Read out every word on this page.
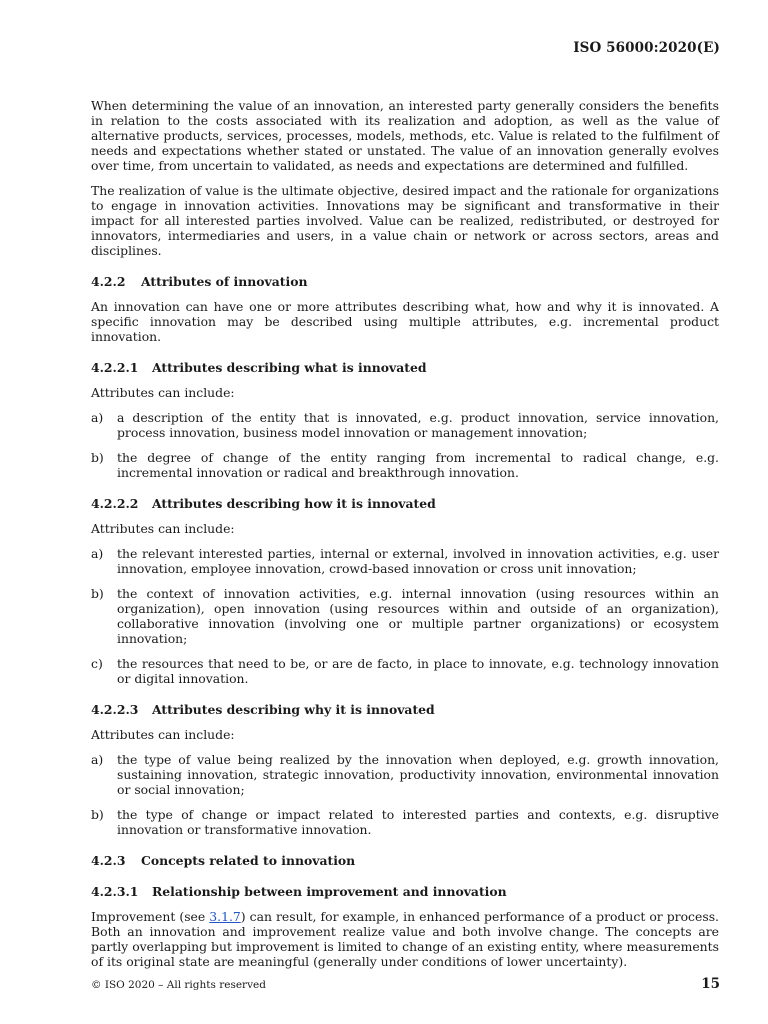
ISO 56000:2020(E)

When determining the value of an innovation, an interested party generally considers the benefits in relation to the costs associated with its realization and adoption, as well as the value of alternative products, services, processes, models, methods, etc. Value is related to the fulfilment of needs and expectations whether stated or unstated. The value of an innovation generally evolves over time, from uncertain to validated, as needs and expectations are determined and fulfilled.

The realization of value is the ultimate objective, desired impact and the rationale for organizations to engage in innovation activities. Innovations may be significant and transformative in their impact for all interested parties involved. Value can be realized, redistributed, or destroyed for innovators, intermediaries and users, in a value chain or network or across sectors, areas and disciplines.

4.2.2 Attributes of innovation

An innovation can have one or more attributes describing what, how and why it is innovated. A specific innovation may be described using multiple attributes, e.g. incremental product innovation.

4.2.2.1 Attributes describing what is innovated

Attributes can include:

a)	a description of the entity that is innovated, e.g. product innovation, service innovation, process innovation, business model innovation or management innovation;
b)	the degree of change of the entity ranging from incremental to radical change, e.g. incremental innovation or radical and breakthrough innovation.
4.2.2.2 Attributes describing how it is innovated

Attributes can include:

a)	the relevant interested parties, internal or external, involved in innovation activities, e.g. user innovation, employee innovation, crowd-based innovation or cross unit innovation;
b)	the context of innovation activities, e.g. internal innovation (using resources within an organization), open innovation (using resources within and outside of an organization), collaborative innovation (involving one or multiple partner organizations) or ecosystem innovation;
c)	the resources that need to be, or are de facto, in place to innovate, e.g. technology innovation or digital innovation.
4.2.2.3 Attributes describing why it is innovated

Attributes can include:

a)	the type of value being realized by the innovation when deployed, e.g. growth innovation, sustaining innovation, strategic innovation, productivity innovation, environmental innovation or social innovation;
b)	the type of change or impact related to interested parties and contexts, e.g. disruptive innovation or transformative innovation.
4.2.3 Concepts related to innovation
4.2.3.1 Relationship between improvement and innovation

Improvement (see 3.1.7) can result, for example, in enhanced performance of a product or process. Both an innovation and improvement realize value and both involve change. The concepts are partly overlapping but improvement is limited to change of an existing entity, where measurements of its original state are meaningful (generally under conditions of lower uncertainty).

© ISO 2020 – All rights reserved	15
